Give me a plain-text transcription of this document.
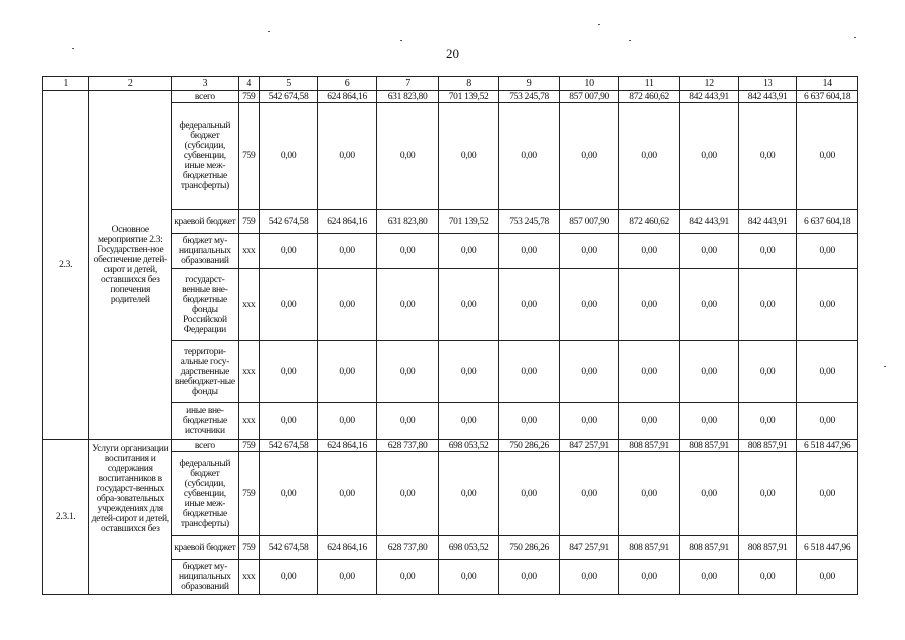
20
1	2	3	4	5	6	7	8	9	10	11	12	13	14
2.3.	Основное мероприятие 2.3: Государствен-ное обеспечение детей-сирот и детей, оставшихся без попечения родителей	всего	759	542 674,58	624 864,16	631 823,80	701 139,52	753 245,78	857 007,90	872 460,62	842 443,91	842 443,91	6 637 604,18
		федеральный бюджет (субсидии, субвенции, иные меж-бюджетные трансферты)	759	0,00	0,00	0,00	0,00	0,00	0,00	0,00	0,00	0,00	0,00
		краевой бюджет	759	542 674,58	624 864,16	631 823,80	701 139,52	753 245,78	857 007,90	872 460,62	842 443,91	842 443,91	6 637 604,18
		бюджет му-ниципальных образований	xxx	0,00	0,00	0,00	0,00	0,00	0,00	0,00	0,00	0,00	0,00
		государст-венные вне-бюджетные фонды Российской Федерации	xxx	0,00	0,00	0,00	0,00	0,00	0,00	0,00	0,00	0,00	0,00
		территори-альные госу-дарственные внебюджет-ные фонды	xxx	0,00	0,00	0,00	0,00	0,00	0,00	0,00	0,00	0,00	0,00
		иные вне-бюджетные источники	xxx	0,00	0,00	0,00	0,00	0,00	0,00	0,00	0,00	0,00	0,00
2.3.1.	Услуги организации воспитания и содержания воспитанников в государст-венных обра-зовательных учреждениях для детей-сирот и детей, оставшихся без	всего	759	542 674,58	624 864,16	628 737,80	698 053,52	750 286,26	847 257,91	808 857,91	808 857,91	808 857,91	6 518 447,96
		федеральный бюджет (субсидии, субвенции, иные меж-бюджетные трансферты)	759	0,00	0,00	0,00	0,00	0,00	0,00	0,00	0,00	0,00	0,00
		краевой бюджет	759	542 674,58	624 864,16	628 737,80	698 053,52	750 286,26	847 257,91	808 857,91	808 857,91	808 857,91	6 518 447,96
		бюджет му-ниципальных образований	xxx	0,00	0,00	0,00	0,00	0,00	0,00	0,00	0,00	0,00	0,00
